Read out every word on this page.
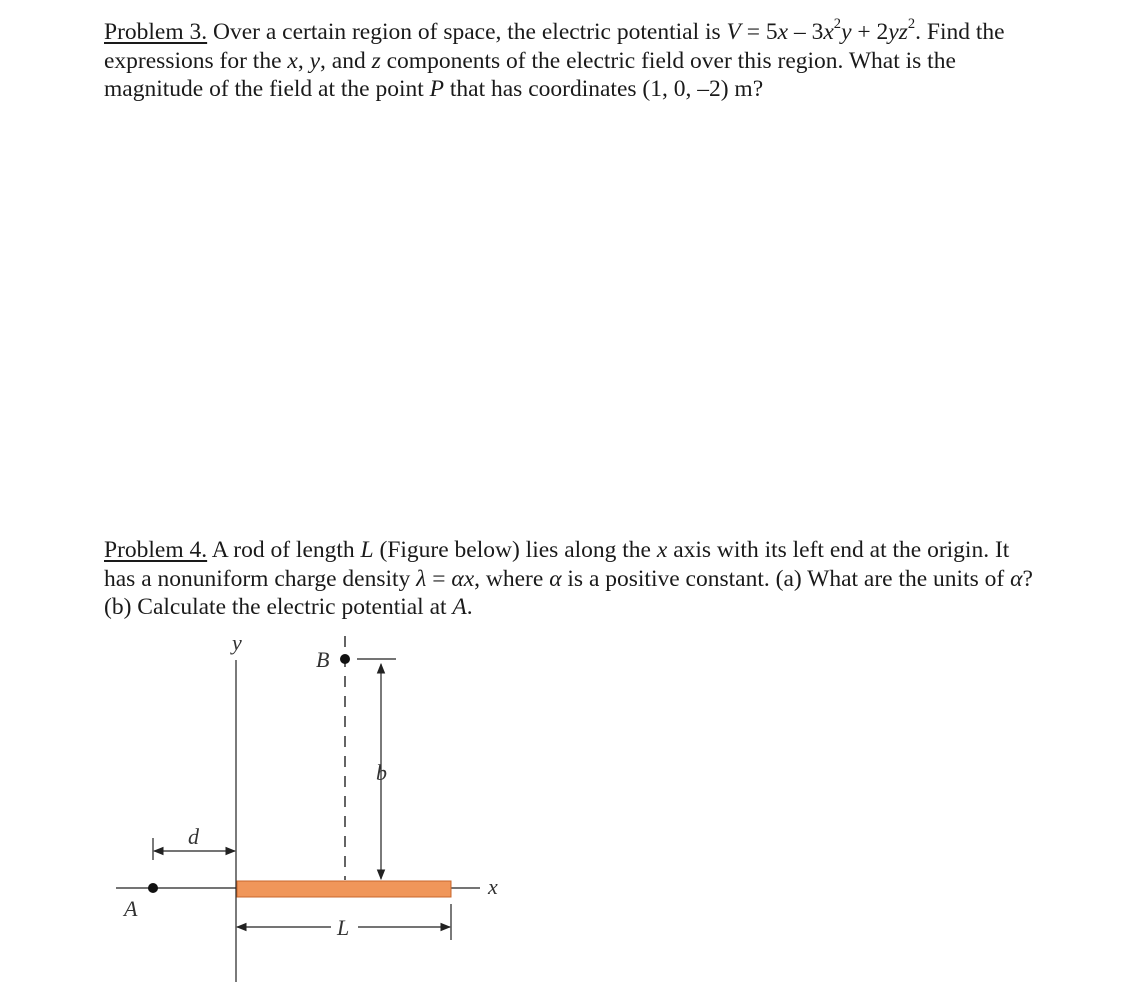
Problem 3. Over a certain region of space, the electric potential is $V = 5x - 3x^2y + 2yz^2$. Find the expressions for the x, y, and z components of the electric field over this region. What is the magnitude of the field at the point P that has coordinates (1, 0, –2) m?
Problem 4. A rod of length L (Figure below) lies along the x axis with its left end at the origin. It has a nonuniform charge density λ = αx, where α is a positive constant. (a) What are the units of α? (b) Calculate the electric potential at A.
y
B
b
d
x
A
L
